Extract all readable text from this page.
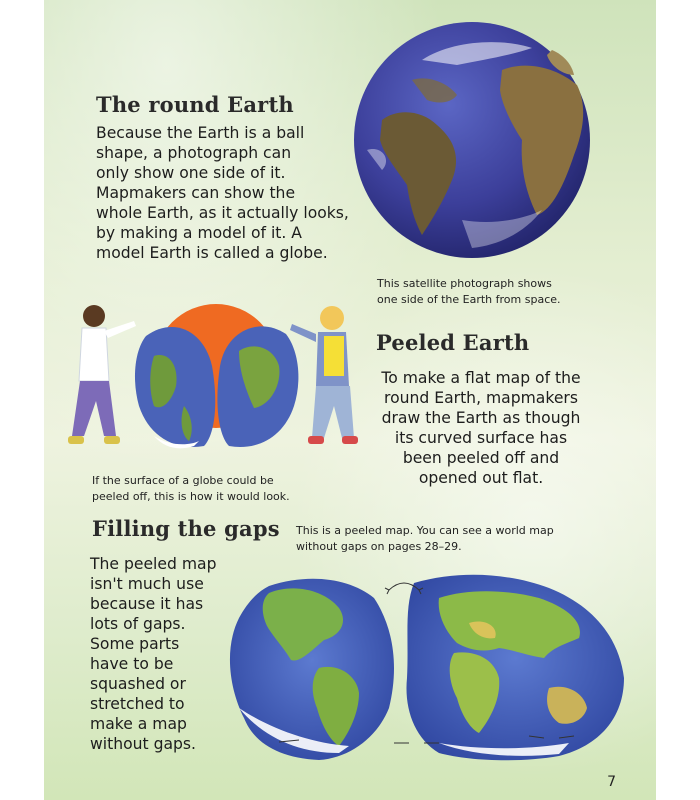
The round Earth

Because the Earth is a ball
shape, a photograph can
only show one side of it.
Mapmakers can show the
whole Earth, as it actually looks,
by making a model of it. A
model Earth is called a globe.

This satellite photograph shows
one side of the Earth from space.

Peeled Earth

To make a flat map of the
round Earth, mapmakers
draw the Earth as though
its curved surface has
been peeled off and
opened out flat.

If the surface of a globe could be
peeled off, this is how it would look.

Filling the gaps This is a peeled map. You can see a world map
without gaps on pages 28–29.

The peeled map
isn't much use
because it has
lots of gaps.
Some parts
have to be
squashed or
stretched to
make a map
without gaps.

7
